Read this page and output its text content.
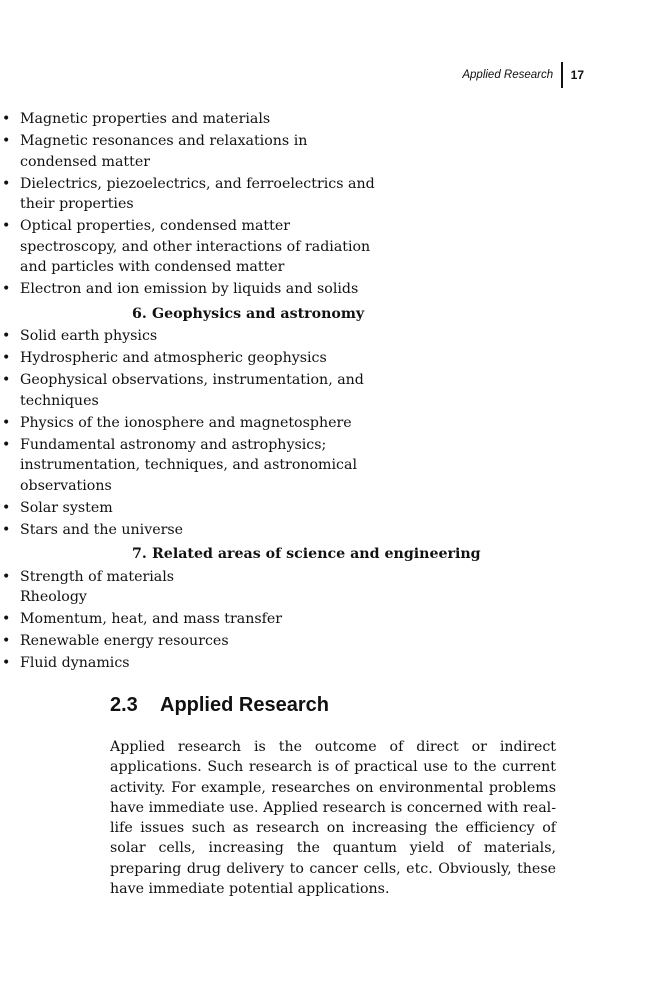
Applied Research 17
• Magnetic properties and materials
• Magnetic resonances and relaxations in condensed matter
• Dielectrics, piezoelectrics, and ferroelectrics and their properties
• Optical properties, condensed matter spectroscopy, and other interactions of radiation and particles with condensed matter
• Electron and ion emission by liquids and solids
6. Geophysics and astronomy
• Solid earth physics
• Hydrospheric and atmospheric geophysics
• Geophysical observations, instrumentation, and techniques
• Physics of the ionosphere and magnetosphere
• Fundamental astronomy and astrophysics; instrumentation, techniques, and astronomical observations
• Solar system
• Stars and the universe
7. Related areas of science and engineering
• Strength of materials
Rheology
• Momentum, heat, and mass transfer
• Renewable energy resources
• Fluid dynamics
2.3 Applied Research

Applied research is the outcome of direct or indirect applications. Such research is of practical use to the current activity. For example, researches on environmental problems have immediate use. Applied research is concerned with real-life issues such as research on increasing the efficiency of solar cells, increasing the quantum yield of materials, preparing drug delivery to cancer cells, etc. Obviously, these have immediate potential applications.
